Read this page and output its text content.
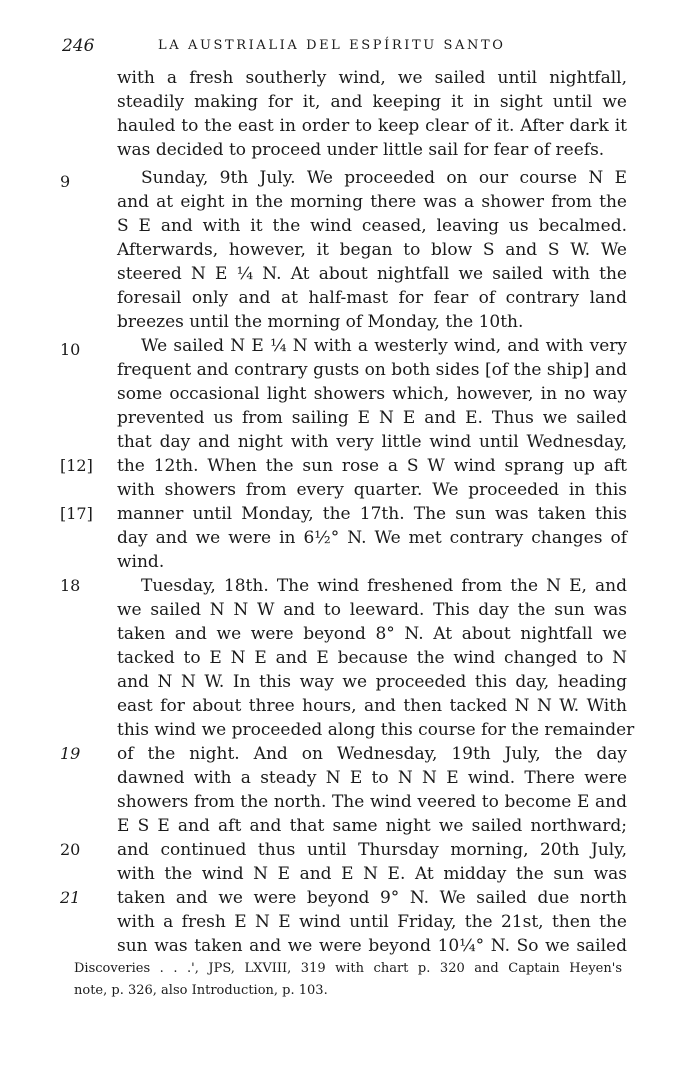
246	LA AUSTRIALIA DEL ESPÍRITU SANTO
with a fresh southerly wind, we sailed until nightfall,
steadily making for it, and keeping it in sight until we
hauled to the east in order to keep clear of it. After dark it
was decided to proceed under little sail for fear of reefs.
9	Sunday, 9th July. We proceeded on our course N E
and at eight in the morning there was a shower from the
S E and with it the wind ceased, leaving us becalmed.
Afterwards, however, it began to blow S and S W. We
steered N E ¼ N. At about nightfall we sailed with the
foresail only and at half-mast for fear of contrary land
breezes until the morning of Monday, the 10th.
10	We sailed N E ¼ N with a westerly wind, and with very
frequent and contrary gusts on both sides [of the ship] and
some occasional light showers which, however, in no way
prevented us from sailing E N E and E. Thus we sailed
that day and night with very little wind until Wednesday,
[12]	the 12th. When the sun rose a S W wind sprang up aft
with showers from every quarter. We proceeded in this
[17]	manner until Monday, the 17th. The sun was taken this
day and we were in 6½° N. We met contrary changes of
wind.
18	Tuesday, 18th. The wind freshened from the N E, and
we sailed N N W and to leeward. This day the sun was
taken and we were beyond 8° N. At about nightfall we
tacked to E N E and E because the wind changed to N
and N N W. In this way we proceeded this day, heading
east for about three hours, and then tacked N N W. With
this wind we proceeded along this course for the remainder
19	of the night. And on Wednesday, 19th July, the day
dawned with a steady N E to N N E wind. There were
showers from the north. The wind veered to become E and
E S E and aft and that same night we sailed northward;
20	and continued thus until Thursday morning, 20th July,
with the wind N E and E N E. At midday the sun was
21	taken and we were beyond 9° N. We sailed due north
with a fresh E N E wind until Friday, the 21st, then the
sun was taken and we were beyond 10¼° N. So we sailed
Discoveries . . .', JPS, LXVIII, 319 with chart p. 320 and Captain Heyen's
note, p. 326, also Introduction, p. 103.
